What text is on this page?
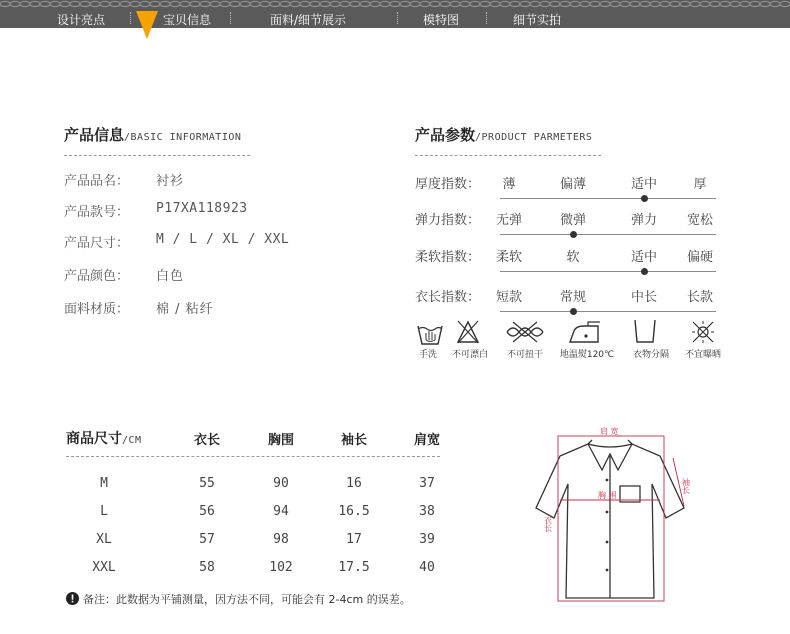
设计亮点	宝贝信息	面料/细节展示	模特图	细节实拍
产品信息/BASIC INFORMATION
产品品名： 衬衫
产品款号： P17XA118923
产品尺寸： M / L / XL / XXL
产品颜色： 白色
面料材质： 棉 / 粘纤
产品参数/PRODUCT PARMETERS
厚度指数：	薄	偏薄	适中	厚
弹力指数：	无弹	微弹	弹力	宽松
柔软指数：	柔软	软	适中	偏硬
衣长指数：	短款	常规	中长	长款
手洗	不可漂白	不可扭干	地温熨120℃	衣物分隔	不宜曝晒
商品尺寸/CM	衣长	胸围	袖长	肩宽
M	55	90	16	37
L	56	94	16.5	38
XL	57	98	17	39
XXL	58	102	17.5	40
备注：此数据为平铺测量，因方法不同，可能会有 2-4cm 的误差。
肩 宽
胸 围
袖长
衣长
